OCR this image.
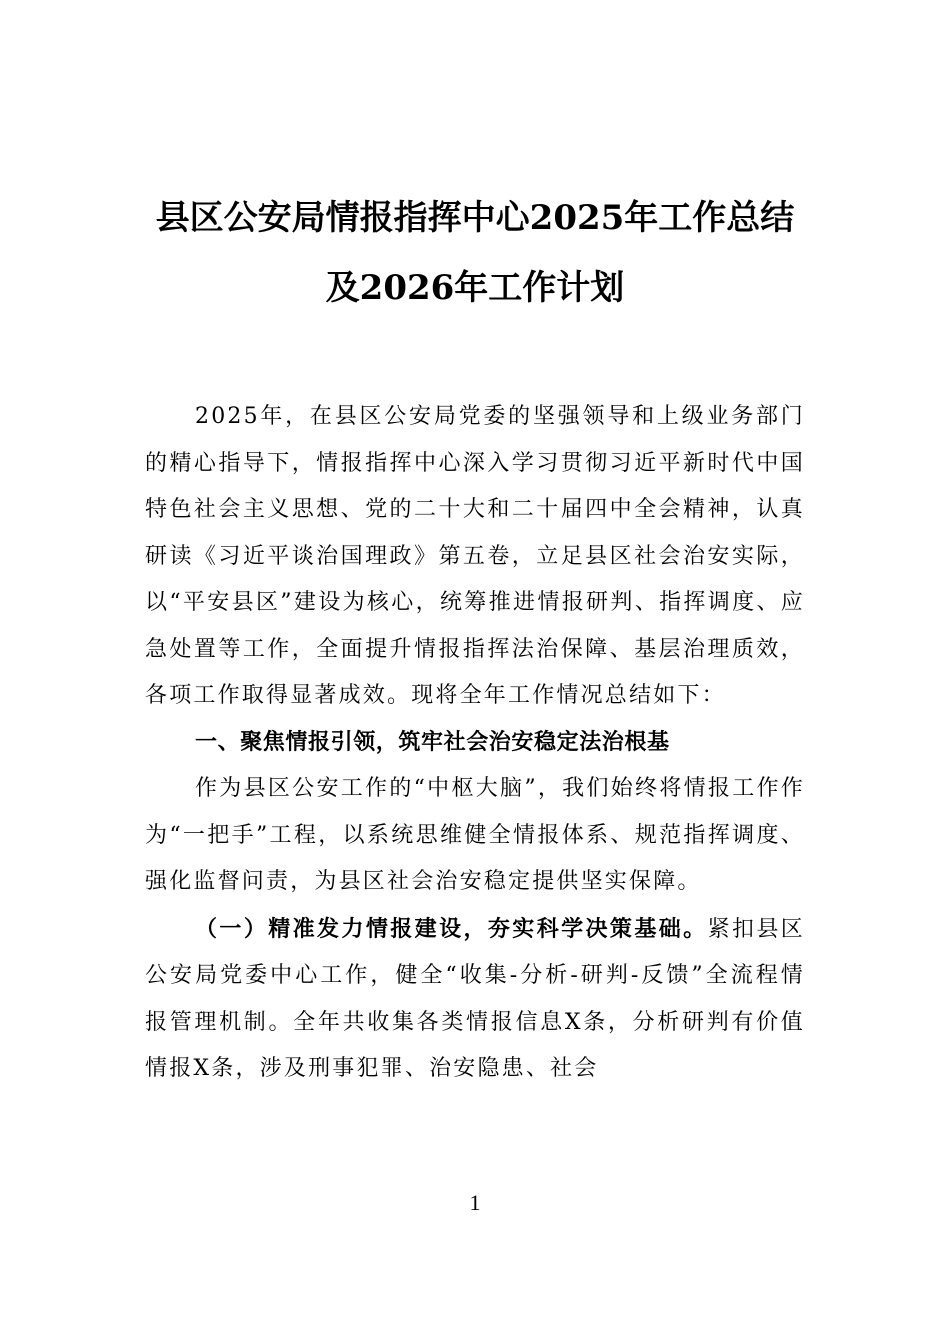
县区公安局情报指挥中心2025年工作总结
及2026年工作计划

2025年，在县区公安局党委的坚强领导和上级业务部门的精心指导下，情报指挥中心深入学习贯彻习近平新时代中国特色社会主义思想、党的二十大和二十届四中全会精神，认真研读《习近平谈治国理政》第五卷，立足县区社会治安实际，以“平安县区”建设为核心，统筹推进情报研判、指挥调度、应急处置等工作，全面提升情报指挥法治保障、基层治理质效，各项工作取得显著成效。现将全年工作情况总结如下：

一、聚焦情报引领，筑牢社会治安稳定法治根基

作为县区公安工作的“中枢大脑”，我们始终将情报工作作为“一把手”工程，以系统思维健全情报体系、规范指挥调度、强化监督问责，为县区社会治安稳定提供坚实保障。

（一）精准发力情报建设，夯实科学决策基础。紧扣县区公安局党委中心工作，健全“收集-分析-研判-反馈”全流程情报管理机制。全年共收集各类情报信息X条，分析研判有价值情报X条，涉及刑事犯罪、治安隐患、社会

1
